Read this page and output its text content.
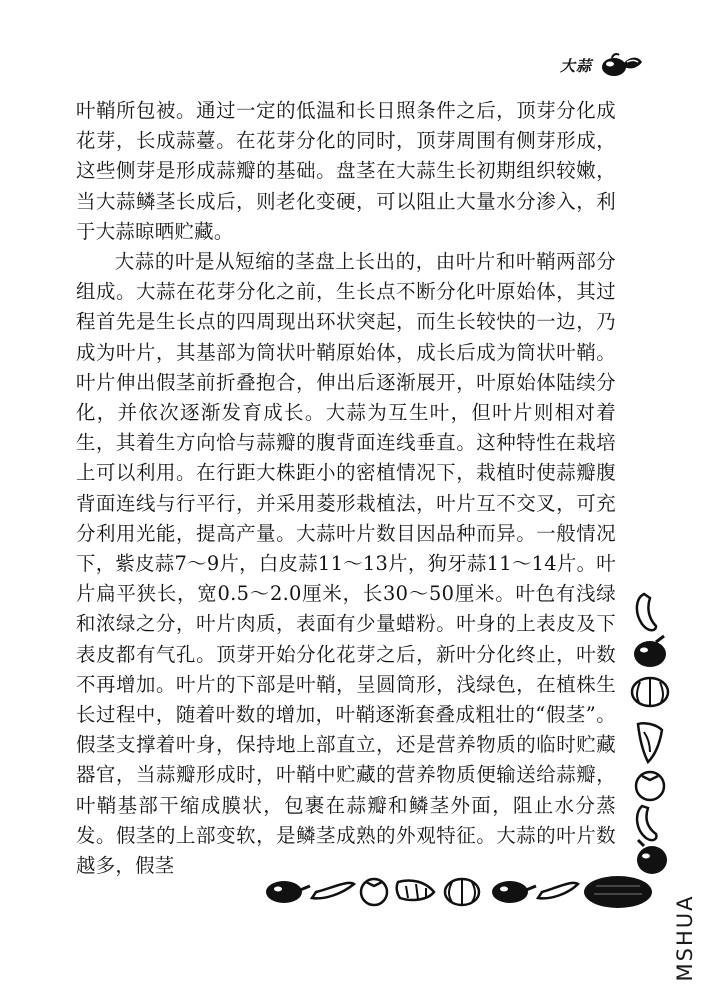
大蒜

叶鞘所包被。通过一定的低温和长日照条件之后，顶芽分化成花芽，长成蒜薹。在花芽分化的同时，顶芽周围有侧芽形成，这些侧芽是形成蒜瓣的基础。盘茎在大蒜生长初期组织较嫩，当大蒜鳞茎长成后，则老化变硬，可以阻止大量水分渗入，利于大蒜晾晒贮藏。

大蒜的叶是从短缩的茎盘上长出的，由叶片和叶鞘两部分组成。大蒜在花芽分化之前，生长点不断分化叶原始体，其过程首先是生长点的四周现出环状突起，而生长较快的一边，乃成为叶片，其基部为筒状叶鞘原始体，成长后成为筒状叶鞘。叶片伸出假茎前折叠抱合，伸出后逐渐展开，叶原始体陆续分化，并依次逐渐发育成长。大蒜为互生叶，但叶片则相对着生，其着生方向恰与蒜瓣的腹背面连线垂直。这种特性在栽培上可以利用。在行距大株距小的密植情况下，栽植时使蒜瓣腹背面连线与行平行，并采用菱形栽植法，叶片互不交叉，可充分利用光能，提高产量。大蒜叶片数目因品种而异。一般情况下，紫皮蒜7～9片，白皮蒜11～13片，狗牙蒜11～14片。叶片扁平狭长，宽0.5～2.0厘米，长30～50厘米。叶色有浅绿和浓绿之分，叶片肉质，表面有少量蜡粉。叶身的上表皮及下表皮都有气孔。顶芽开始分化花芽之后，新叶分化终止，叶数不再增加。叶片的下部是叶鞘，呈圆筒形，浅绿色，在植株生长过程中，随着叶数的增加，叶鞘逐渐套叠成粗壮的“假茎”。假茎支撑着叶身，保持地上部直立，还是营养物质的临时贮藏器官，当蒜瓣形成时，叶鞘中贮藏的营养物质便输送给蒜瓣，叶鞘基部干缩成膜状，包裹在蒜瓣和鳞茎外面，阻止水分蒸发。假茎的上部变软，是鳞茎成熟的外观特征。大蒜的叶片数越多，假茎

MSHUA
